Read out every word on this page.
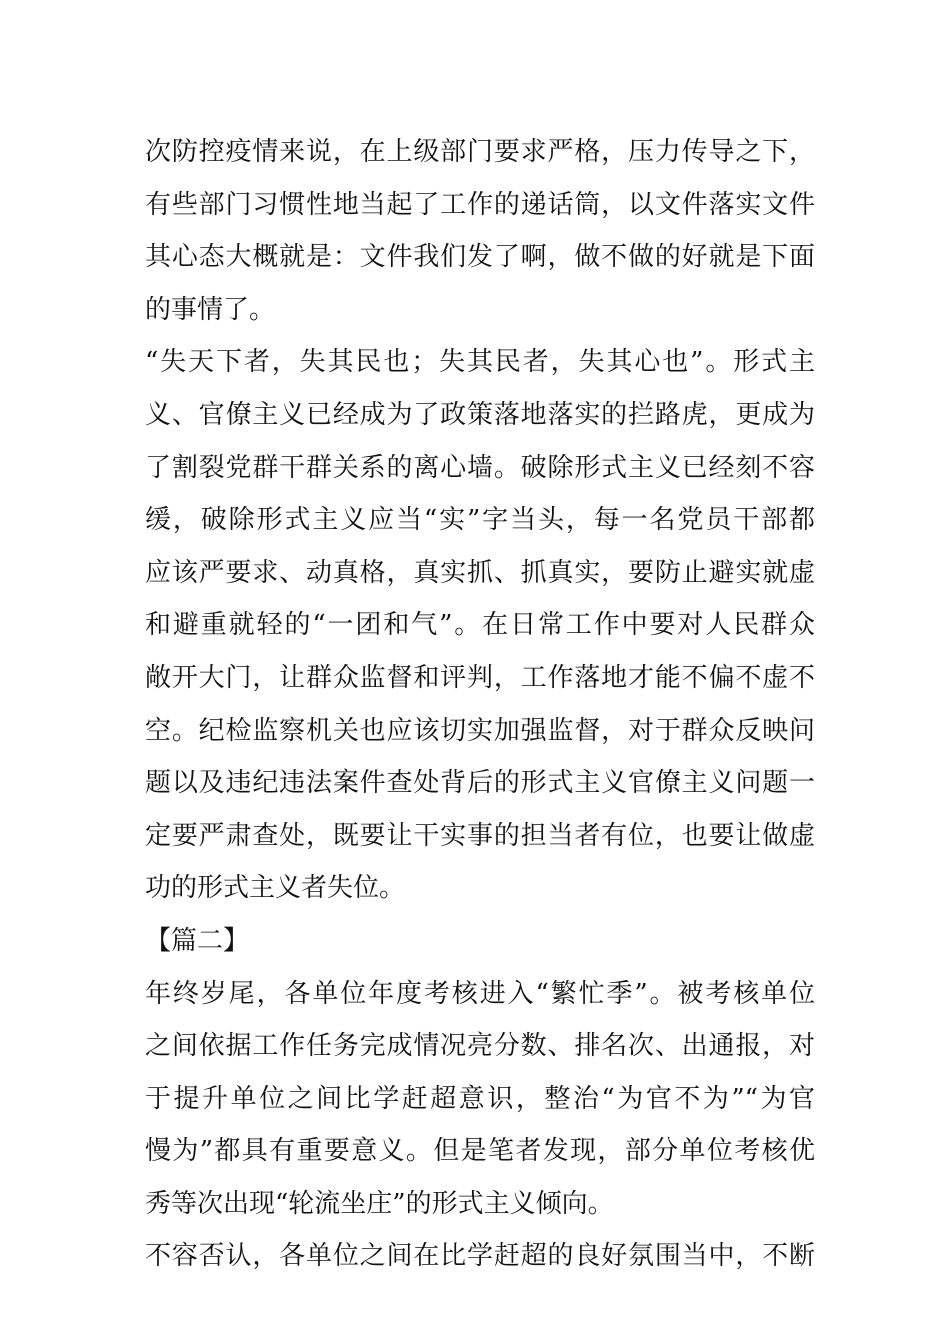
次防控疫情来说，在上级部门要求严格，压力传导之下，
有些部门习惯性地当起了工作的递话筒，以文件落实文件
其心态大概就是：文件我们发了啊，做不做的好就是下面
的事情了。
“失天下者，失其民也；失其民者，失其心也”。形式主
义、官僚主义已经成为了政策落地落实的拦路虎，更成为
了割裂党群干群关系的离心墙。破除形式主义已经刻不容
缓，破除形式主义应当“实”字当头，每一名党员干部都
应该严要求、动真格，真实抓、抓真实，要防止避实就虚
和避重就轻的“一团和气”。在日常工作中要对人民群众
敞开大门，让群众监督和评判，工作落地才能不偏不虚不
空。纪检监察机关也应该切实加强监督，对于群众反映问
题以及违纪违法案件查处背后的形式主义官僚主义问题一
定要严肃查处，既要让干实事的担当者有位，也要让做虚
功的形式主义者失位。
【篇二】
年终岁尾，各单位年度考核进入“繁忙季”。被考核单位
之间依据工作任务完成情况亮分数、排名次、出通报，对
于提升单位之间比学赶超意识，整治“为官不为”“为官
慢为”都具有重要意义。但是笔者发现，部分单位考核优
秀等次出现“轮流坐庄”的形式主义倾向。
不容否认，各单位之间在比学赶超的良好氛围当中，不断
